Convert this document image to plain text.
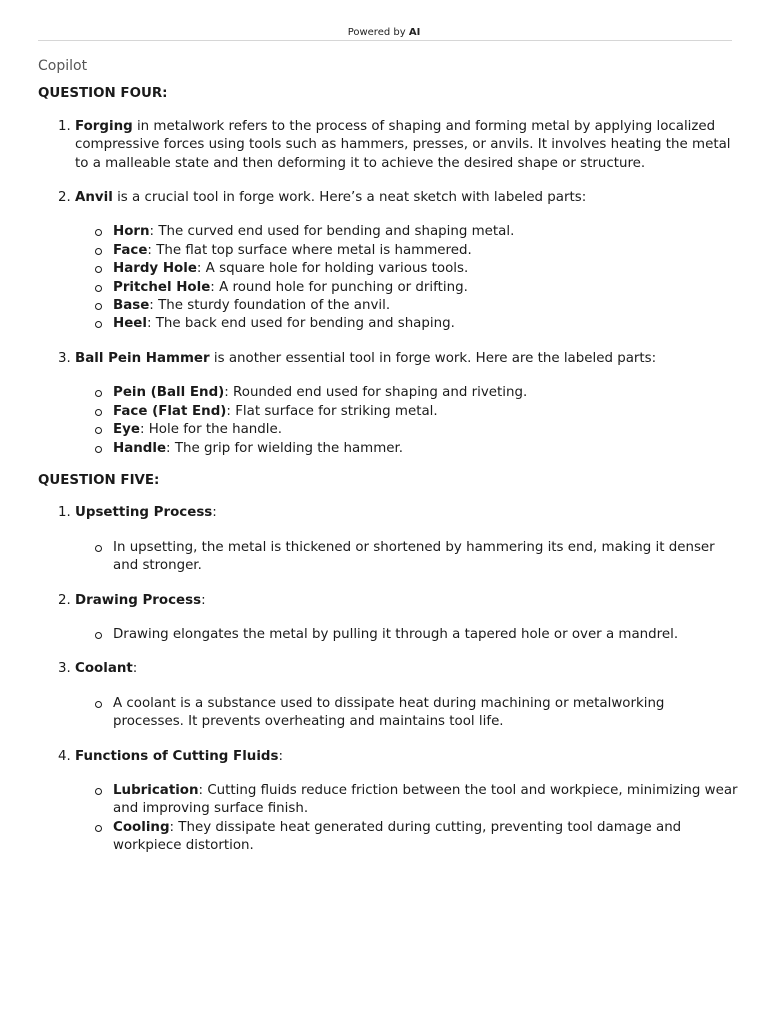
Powered by AI
Copilot

QUESTION FOUR:

1. Forging in metalwork refers to the process of shaping and forming metal by applying localized compressive forces using tools such as hammers, presses, or anvils. It involves heating the metal to a malleable state and then deforming it to achieve the desired shape or structure.
2. Anvil is a crucial tool in forge work. Here’s a neat sketch with labeled parts:
Horn: The curved end used for bending and shaping metal.
Face: The flat top surface where metal is hammered.
Hardy Hole: A square hole for holding various tools.
Pritchel Hole: A round hole for punching or drifting.
Base: The sturdy foundation of the anvil.
Heel: The back end used for bending and shaping.
3. Ball Pein Hammer is another essential tool in forge work. Here are the labeled parts:
Pein (Ball End): Rounded end used for shaping and riveting.
Face (Flat End): Flat surface for striking metal.
Eye: Hole for the handle.
Handle: The grip for wielding the hammer.

QUESTION FIVE:

1. Upsetting Process:
In upsetting, the metal is thickened or shortened by hammering its end, making it denser and stronger.
2. Drawing Process:
Drawing elongates the metal by pulling it through a tapered hole or over a mandrel.
3. Coolant:
A coolant is a substance used to dissipate heat during machining or metalworking processes. It prevents overheating and maintains tool life.
4. Functions of Cutting Fluids:
Lubrication: Cutting fluids reduce friction between the tool and workpiece, minimizing wear and improving surface finish.
Cooling: They dissipate heat generated during cutting, preventing tool damage and workpiece distortion.
